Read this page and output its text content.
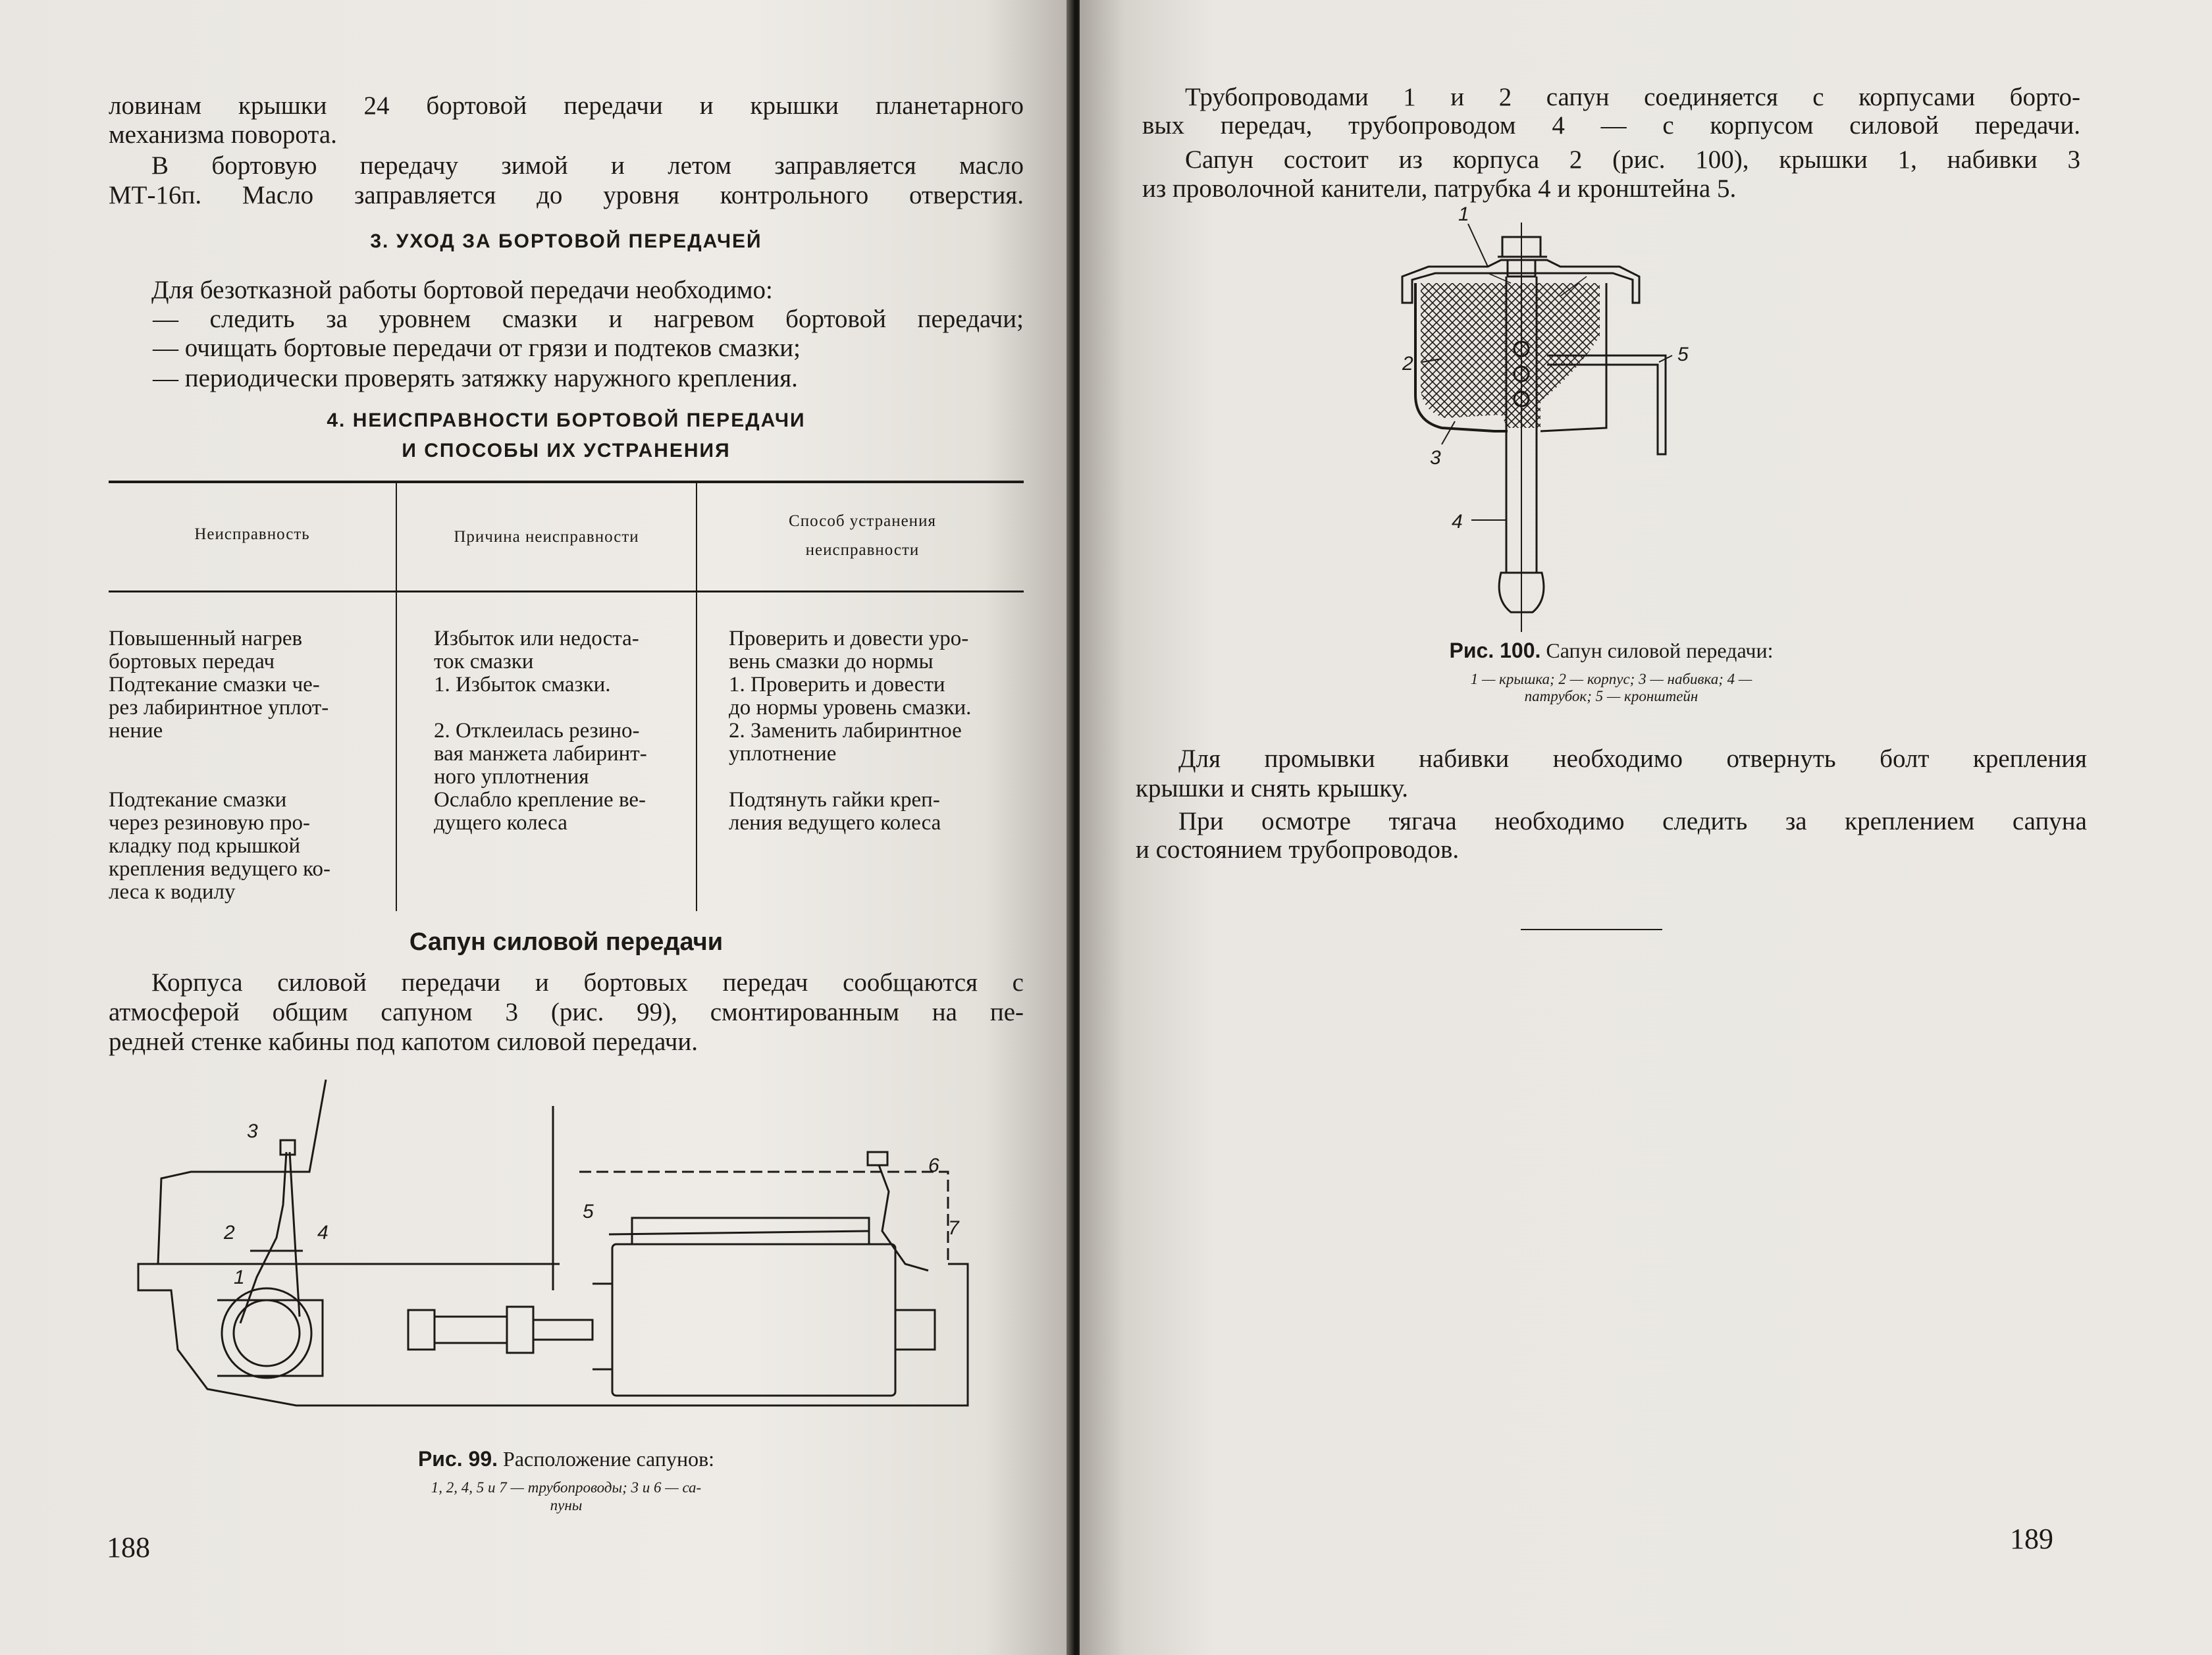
ловинам крышки 24 бортовой передачи и крышки планетарного
механизма поворота.
В бортовую передачу зимой и летом заправляется масло
МТ-16п. Масло заправляется до уровня контрольного отверстия.
3. УХОД ЗА БОРТОВОЙ ПЕРЕДАЧЕЙ
Для безотказной работы бортовой передачи необходимо:
— следить за уровнем смазки и нагревом бортовой передачи;
— очищать бортовые передачи от грязи и подтеков смазки;
— периодически проверять затяжку наружного крепления.
4. НЕИСПРАВНОСТИ БОРТОВОЙ ПЕРЕДАЧИ
И СПОСОБЫ ИХ УСТРАНЕНИЯ
Неисправность	Причина неисправности
Способ устранения неисправности
Повышенный нагрев
бортовых передач
Подтекание смазки че-
рез лабиринтное уплот-
нение

Подтекание смазки
через резиновую про-
кладку под крышкой
крепления ведущего ко-
леса к водилу
Избыток или недоста-
ток смазки
1. Избыток смазки.

2. Отклеилась резино-
вая манжета лабиринт-
ного уплотнения
Ослабло крепление ве-
дущего колеса
Проверить и довести уро-
вень смазки до нормы
1. Проверить и довести
до нормы уровень смазки.
2. Заменить лабиринтное
уплотнение

Подтянуть гайки креп-
ления ведущего колеса
Сапун силовой передачи
Корпуса силовой передачи и бортовых передач сообщаются с
атмосферой общим сапуном 3 (рис. 99), смонтированным на пе-
редней стенке кабины под капотом силовой передачи.
3
2
1
4
5
6
7
Рис. 99. Расположение сапунов:
1, 2, 4, 5 и 7 — трубопроводы; 3 и 6 — са-
пуны
188
Трубопроводами 1 и 2 сапун соединяется с корпусами борто-
вых передач, трубопроводом 4 — с корпусом силовой передачи.
Сапун состоит из корпуса 2 (рис. 100), крышки 1, набивки 3
из проволочной канители, патрубка 4 и кронштейна 5.
1
2
3
4
5
Рис. 100. Сапун силовой передачи:
1 — крышка; 2 — корпус; 3 — набивка; 4 —
патрубок; 5 — кронштейн
Для промывки набивки необходимо отвернуть болт крепления
крышки и снять крышку.
При осмотре тягача необходимо следить за креплением сапуна
и состоянием трубопроводов.
189
